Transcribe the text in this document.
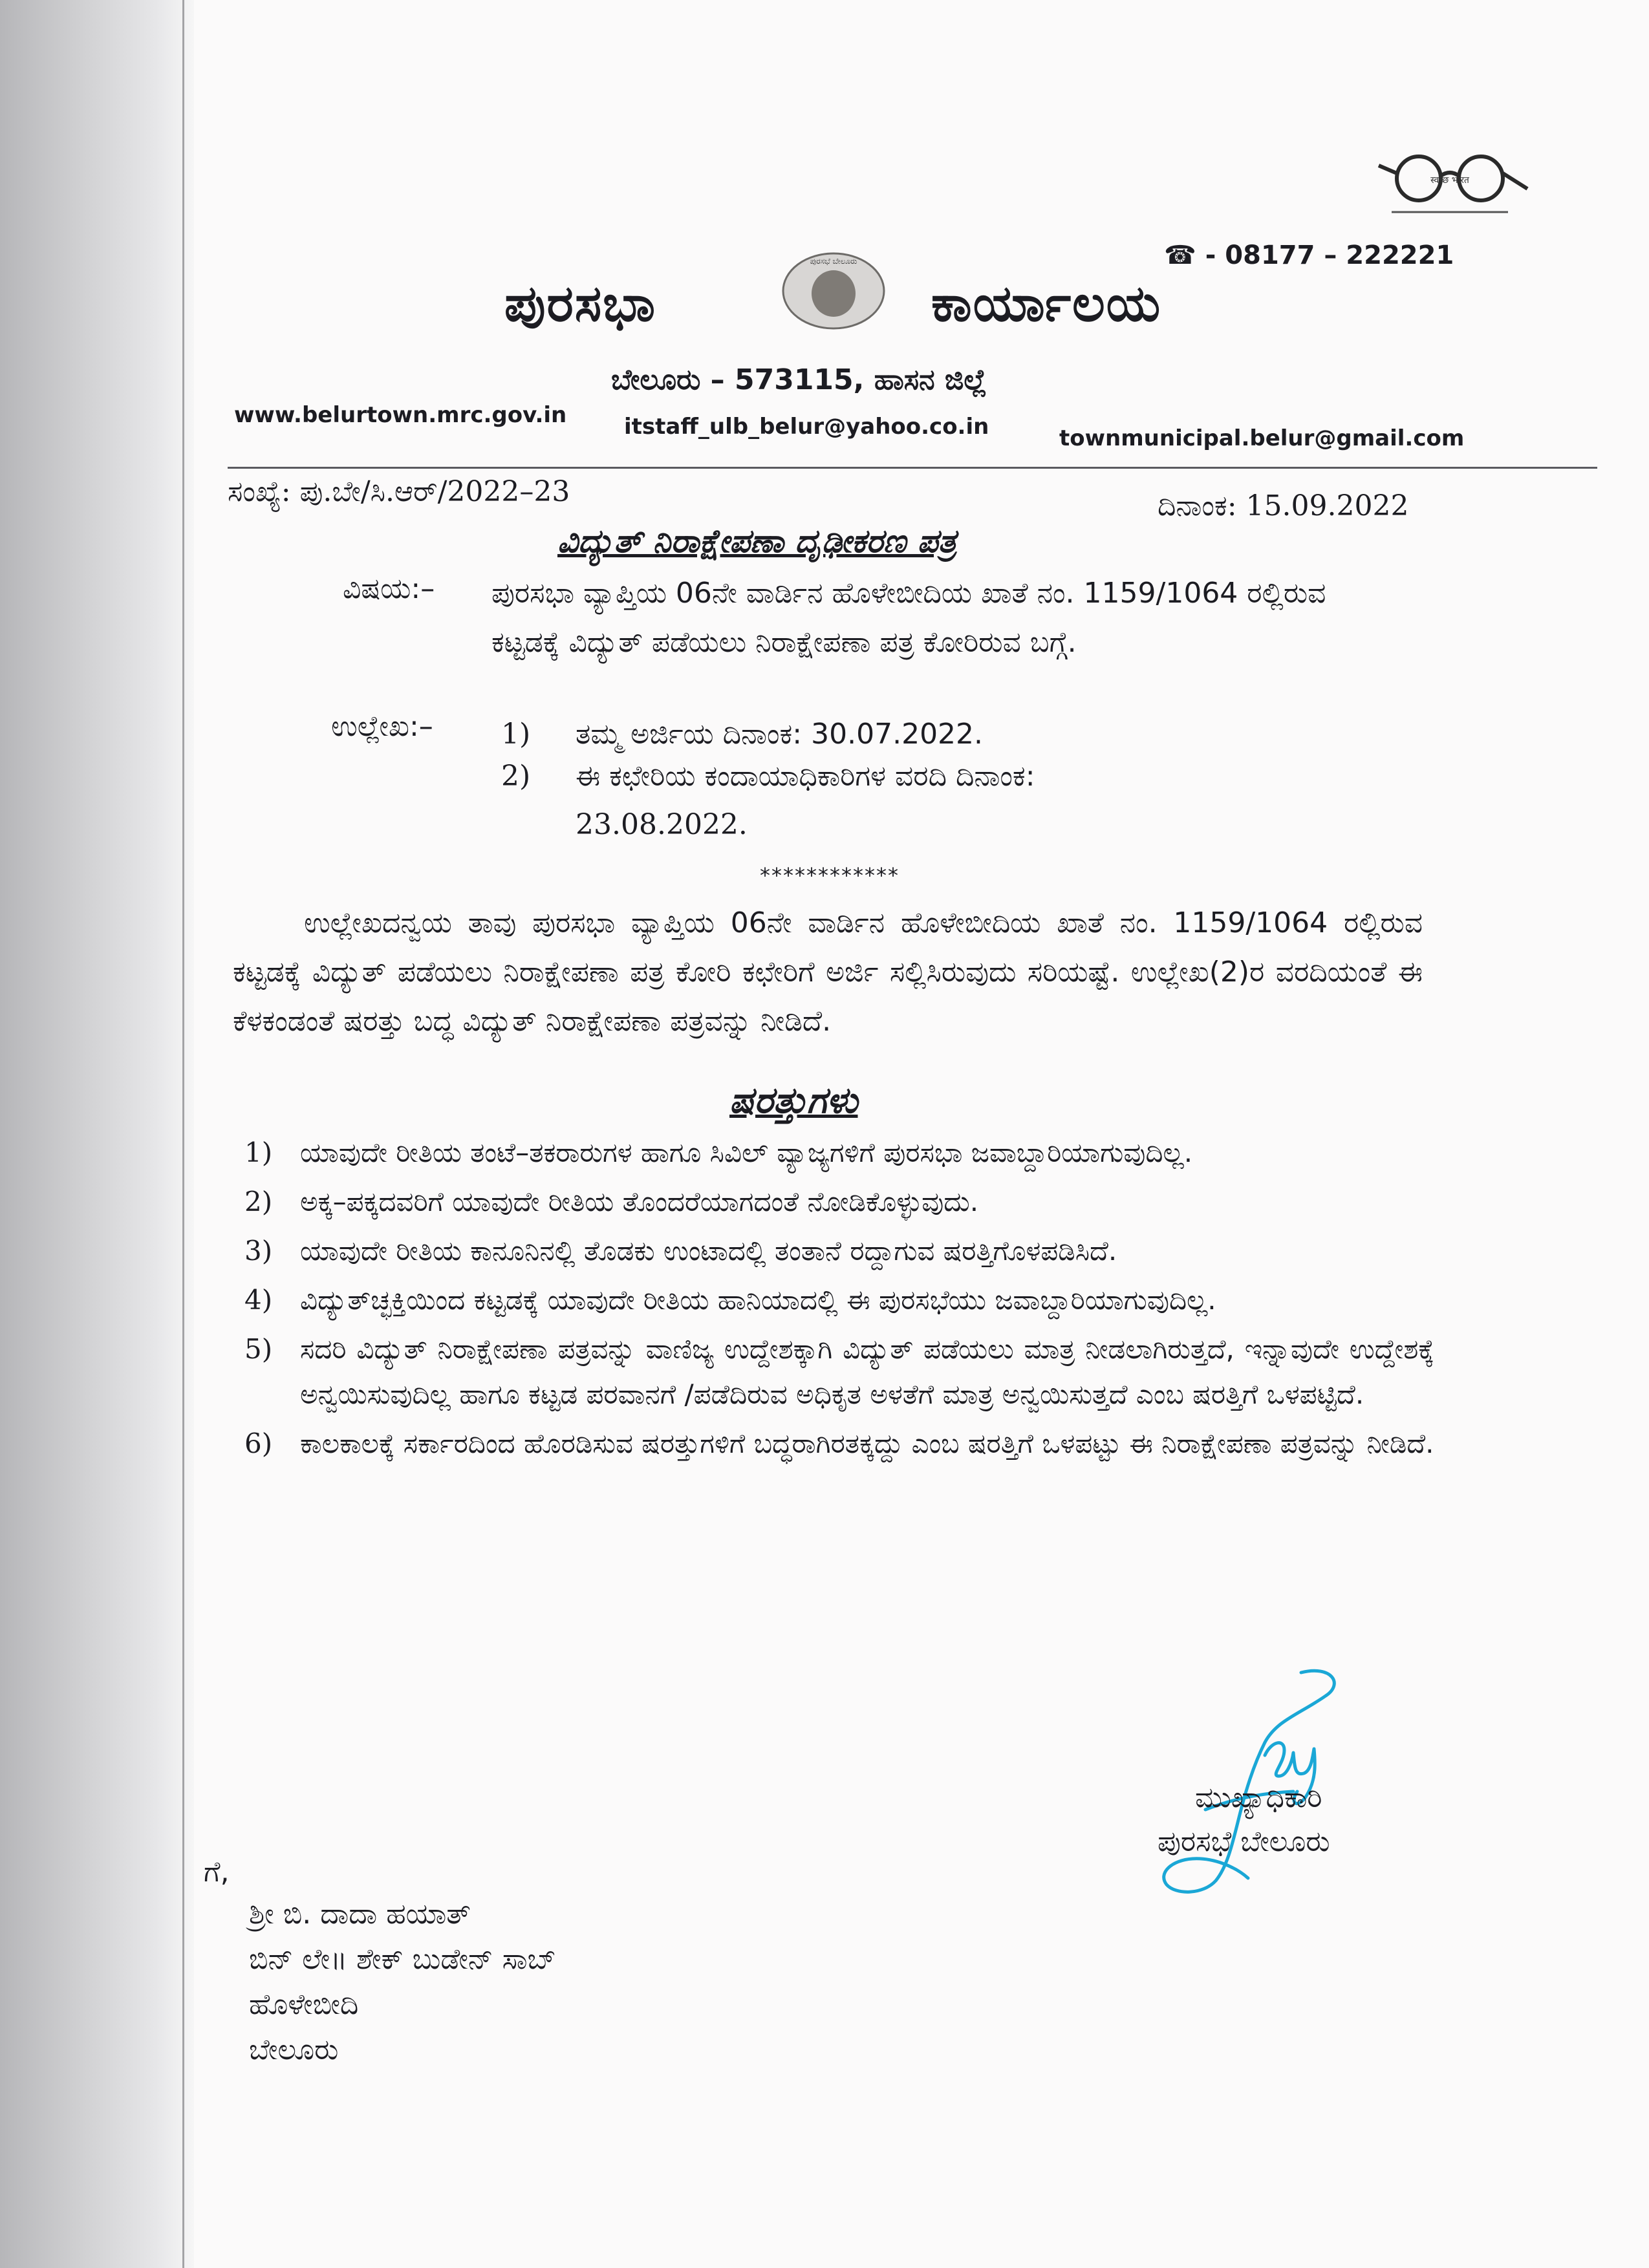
स्वच्छ भारत
☎ - 08177 – 222221
ಪುರಸಭಾ
ಪುರಸಭೆ ಬೇಲೂರು
ಕಾರ್ಯಾಲಯ
ಬೇಲೂರು – 573115, ಹಾಸನ ಜಿಲ್ಲೆ
www.belurtown.mrc.gov.in	itstaff_ulb_belur@yahoo.co.in	townmunicipal.belur@gmail.com
ಸಂಖ್ಯೆ: ಪು.ಬೇ/ಸಿ.ಆರ್/2022–23	ದಿನಾಂಕ: 15.09.2022
ವಿದ್ಯುತ್ ನಿರಾಕ್ಷೇಪಣಾ ದೃಢೀಕರಣ ಪತ್ರ
ವಿಷಯ:– ಪುರಸಭಾ ವ್ಯಾಪ್ತಿಯ 06ನೇ ವಾರ್ಡಿನ ಹೊಳೇಬೀದಿಯ ಖಾತೆ ನಂ. 1159/1064 ರಲ್ಲಿರುವ ಕಟ್ಟಡಕ್ಕೆ ವಿದ್ಯುತ್ ಪಡೆಯಲು ನಿರಾಕ್ಷೇಪಣಾ ಪತ್ರ ಕೋರಿರುವ ಬಗ್ಗೆ.
ಉಲ್ಲೇಖ:– 1) ತಮ್ಮ ಅರ್ಜಿಯ ದಿನಾಂಕ: 30.07.2022.
2) ಈ ಕಛೇರಿಯ ಕಂದಾಯಾಧಿಕಾರಿಗಳ ವರದಿ ದಿನಾಂಕ:
23.08.2022.
************
ಉಲ್ಲೇಖದನ್ವಯ ತಾವು ಪುರಸಭಾ ವ್ಯಾಪ್ತಿಯ 06ನೇ ವಾರ್ಡಿನ ಹೊಳೇಬೀದಿಯ ಖಾತೆ ನಂ. 1159/1064 ರಲ್ಲಿರುವ ಕಟ್ಟಡಕ್ಕೆ ವಿದ್ಯುತ್ ಪಡೆಯಲು ನಿರಾಕ್ಷೇಪಣಾ ಪತ್ರ ಕೋರಿ ಕಛೇರಿಗೆ ಅರ್ಜಿ ಸಲ್ಲಿಸಿರುವುದು ಸರಿಯಷ್ಟೆ. ಉಲ್ಲೇಖ(2)ರ ವರದಿಯಂತೆ ಈ ಕೆಳಕಂಡಂತೆ ಷರತ್ತು ಬದ್ಧ ವಿದ್ಯುತ್ ನಿರಾಕ್ಷೇಪಣಾ ಪತ್ರವನ್ನು ನೀಡಿದೆ.
ಷರತ್ತುಗಳು
1) ಯಾವುದೇ ರೀತಿಯ ತಂಟೆ–ತಕರಾರುಗಳ ಹಾಗೂ ಸಿವಿಲ್ ವ್ಯಾಜ್ಯಗಳಿಗೆ ಪುರಸಭಾ ಜವಾಬ್ದಾರಿಯಾಗುವುದಿಲ್ಲ.
2) ಅಕ್ಕ–ಪಕ್ಕದವರಿಗೆ ಯಾವುದೇ ರೀತಿಯ ತೊಂದರೆಯಾಗದಂತೆ ನೋಡಿಕೊಳ್ಳುವುದು.
3) ಯಾವುದೇ ರೀತಿಯ ಕಾನೂನಿನಲ್ಲಿ ತೊಡಕು ಉಂಟಾದಲ್ಲಿ ತಂತಾನೆ ರದ್ದಾಗುವ ಷರತ್ತಿಗೊಳಪಡಿಸಿದೆ.
4) ವಿದ್ಯುತ್‌ಚ್ಛಕ್ತಿಯಿಂದ ಕಟ್ಟಡಕ್ಕೆ ಯಾವುದೇ ರೀತಿಯ ಹಾನಿಯಾದಲ್ಲಿ ಈ ಪುರಸಭೆಯು ಜವಾಬ್ದಾರಿಯಾಗುವುದಿಲ್ಲ.
5) ಸದರಿ ವಿದ್ಯುತ್ ನಿರಾಕ್ಷೇಪಣಾ ಪತ್ರವನ್ನು ವಾಣಿಜ್ಯ ಉದ್ದೇಶಕ್ಕಾಗಿ ವಿದ್ಯುತ್ ಪಡೆಯಲು ಮಾತ್ರ ನೀಡಲಾಗಿರುತ್ತದೆ, ಇನ್ನಾವುದೇ ಉದ್ದೇಶಕ್ಕೆ ಅನ್ವಯಿಸುವುದಿಲ್ಲ ಹಾಗೂ ಕಟ್ಟಡ ಪರವಾನಗೆ /ಪಡೆದಿರುವ ಅಧಿಕೃತ ಅಳತೆಗೆ ಮಾತ್ರ ಅನ್ವಯಿಸುತ್ತದೆ ಎಂಬ ಷರತ್ತಿಗೆ ಒಳಪಟ್ಟಿದೆ.
6) ಕಾಲಕಾಲಕ್ಕೆ ಸರ್ಕಾರದಿಂದ ಹೊರಡಿಸುವ ಷರತ್ತುಗಳಿಗೆ ಬದ್ಧರಾಗಿರತಕ್ಕದ್ದು ಎಂಬ ಷರತ್ತಿಗೆ ಒಳಪಟ್ಟು ಈ ನಿರಾಕ್ಷೇಪಣಾ ಪತ್ರವನ್ನು ನೀಡಿದೆ.
ಮುಖ್ಯಾಧಿಕಾರಿ
ಪುರಸಭೆ ಬೇಲೂರು
ಗೆ,
ಶ್ರೀ ಬಿ. ದಾದಾ ಹಯಾತ್
ಬಿನ್ ಲೇ॥ ಶೇಕ್ ಬುಡೇನ್ ಸಾಬ್
ಹೊಳೇಬೀದಿ
ಬೇಲೂರು
